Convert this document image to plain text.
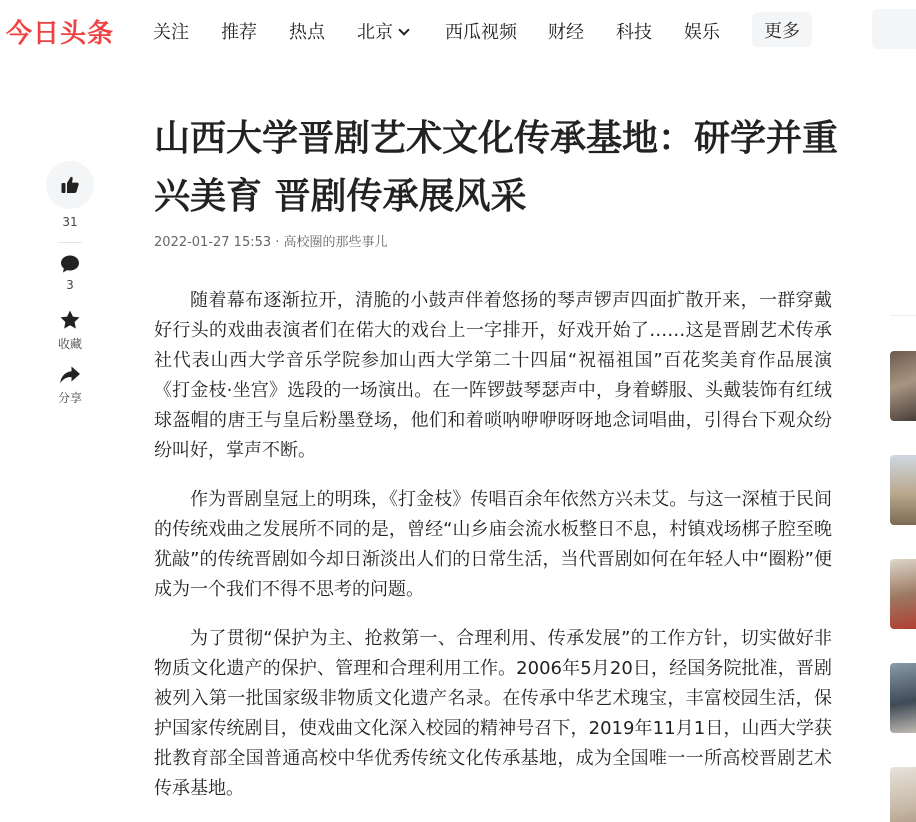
今日头条 关注 推荐 热点 北京	西瓜视频 财经 科技 娱乐	更多
31
3
收藏
分享
山西大学晋剧艺术文化传承基地：研学并重兴美育 晋剧传承展风采
2022-01-27 15:53 · 高校圈的那些事儿

随着幕布逐渐拉开，清脆的小鼓声伴着悠扬的琴声锣声四面扩散开来，一群穿戴好行头的戏曲表演者们在偌大的戏台上一字排开，好戏开始了……这是晋剧艺术传承社代表山西大学音乐学院参加山西大学第二十四届“祝福祖国”百花奖美育作品展演《打金枝·坐宫》选段的一场演出。在一阵锣鼓琴瑟声中，身着蟒服、头戴装饰有红绒球盔帽的唐王与皇后粉墨登场，他们和着唢呐咿咿呀呀地念词唱曲，引得台下观众纷纷叫好，掌声不断。

作为晋剧皇冠上的明珠，《打金枝》传唱百余年依然方兴未艾。与这一深植于民间的传统戏曲之发展所不同的是，曾经“山乡庙会流水板整日不息，村镇戏场梆子腔至晚犹敲”的传统晋剧如今却日渐淡出人们的日常生活，当代晋剧如何在年轻人中“圈粉”便成为一个我们不得不思考的问题。

为了贯彻“保护为主、抢救第一、合理利用、传承发展”的工作方针，切实做好非物质文化遗产的保护、管理和合理利用工作。2006年5月20日，经国务院批准，晋剧被列入第一批国家级非物质文化遗产名录。在传承中华艺术瑰宝，丰富校园生活，保护国家传统剧目，使戏曲文化深入校园的精神号召下，2019年11月1日，山西大学获批教育部全国普通高校中华优秀传统文化传承基地，成为全国唯一一所高校晋剧艺术传承基地。
